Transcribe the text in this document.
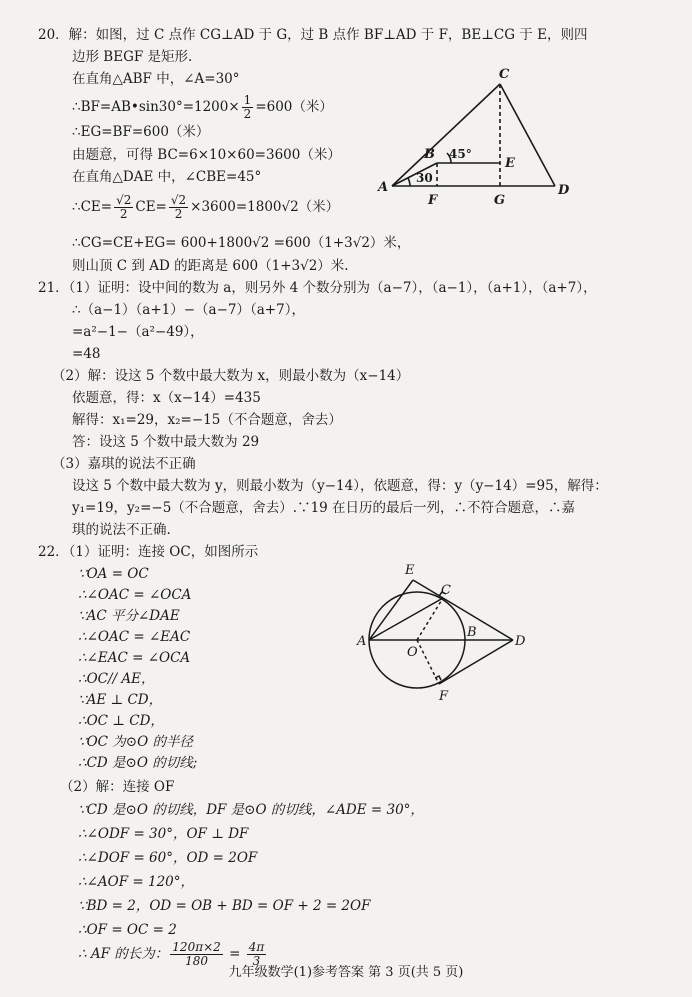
20．解：如图，过 C 点作 CG⊥AD 于 G，过 B 点作 BF⊥AD 于 F，BE⊥CG 于 E，则四
边形 BEGF 是矩形.
在直角△ABF 中，∠A=30°
∴BF=AB•sin30°=1200× $\frac{1}{2} =600$（米）
∴EG=BF=600（米）
由题意，可得 BC=6×10×60=3600（米）
在直角△DAE 中，∠CBE=45°
∴CE= $\frac{√2}{2} CE= \frac{√2}{2} \times 3600=1800√2$（米）
∴CG=CE+EG= 600+1800√2 =600（1+3√2）米，
则山顶 C 到 AD 的距离是 600（1+3√2）米.
C
B
E
A	D
F	G
45°
30
21．（1）证明：设中间的数为 a，则另外 4 个数分别为（a−7），（a−1），（a+1），（a+7），
∴（a−1）（a+1）−（a−7）（a+7），
=a²−1−（a²−49），
=48
（2）解：设这 5 个数中最大数为 x，则最小数为（x−14）
依题意，得：x（x−14）=435
解得：x₁=29，x₂=−15（不合题意，舍去）
答：设这 5 个数中最大数为 29
（3）嘉琪的说法不正确
设这 5 个数中最大数为 y，则最小数为（y−14），依题意，得：y（y−14）=95，解得：
y₁=19，y₂=−5（不合题意，舍去）.∵19 在日历的最后一列，∴不符合题意，∴嘉
琪的说法不正确.
22．（1）证明：连接 OC，如图所示
∵OA = OC
∴∠OAC = ∠OCA
∵AC 平分∠DAE
∴∠OAC = ∠EAC
∴∠EAC = ∠OCA
∴OC// AE，
∵AE ⊥ CD，
∴OC ⊥ CD，
∵OC 为⊙O 的半径
∴CD 是⊙O 的切线;
（2）解：连接 OF
∵CD 是⊙O 的切线，DF 是⊙O 的切线，∠ADE = 30°，
∴∠ODF = 30°，OF ⊥ DF
∴∠DOF = 60°，OD = 2OF
∴∠AOF = 120°，
∵BD = 2，OD = OB + BD = OF + 2 = 2OF
∴OF = OC = 2
∴ AF 的长为： $\frac{120\pi\times 2}{180} = \frac{4\pi}{3}$
E
C
A
O
B
D
F
九年级数学(1)参考答案 第 3 页(共 5 页)
